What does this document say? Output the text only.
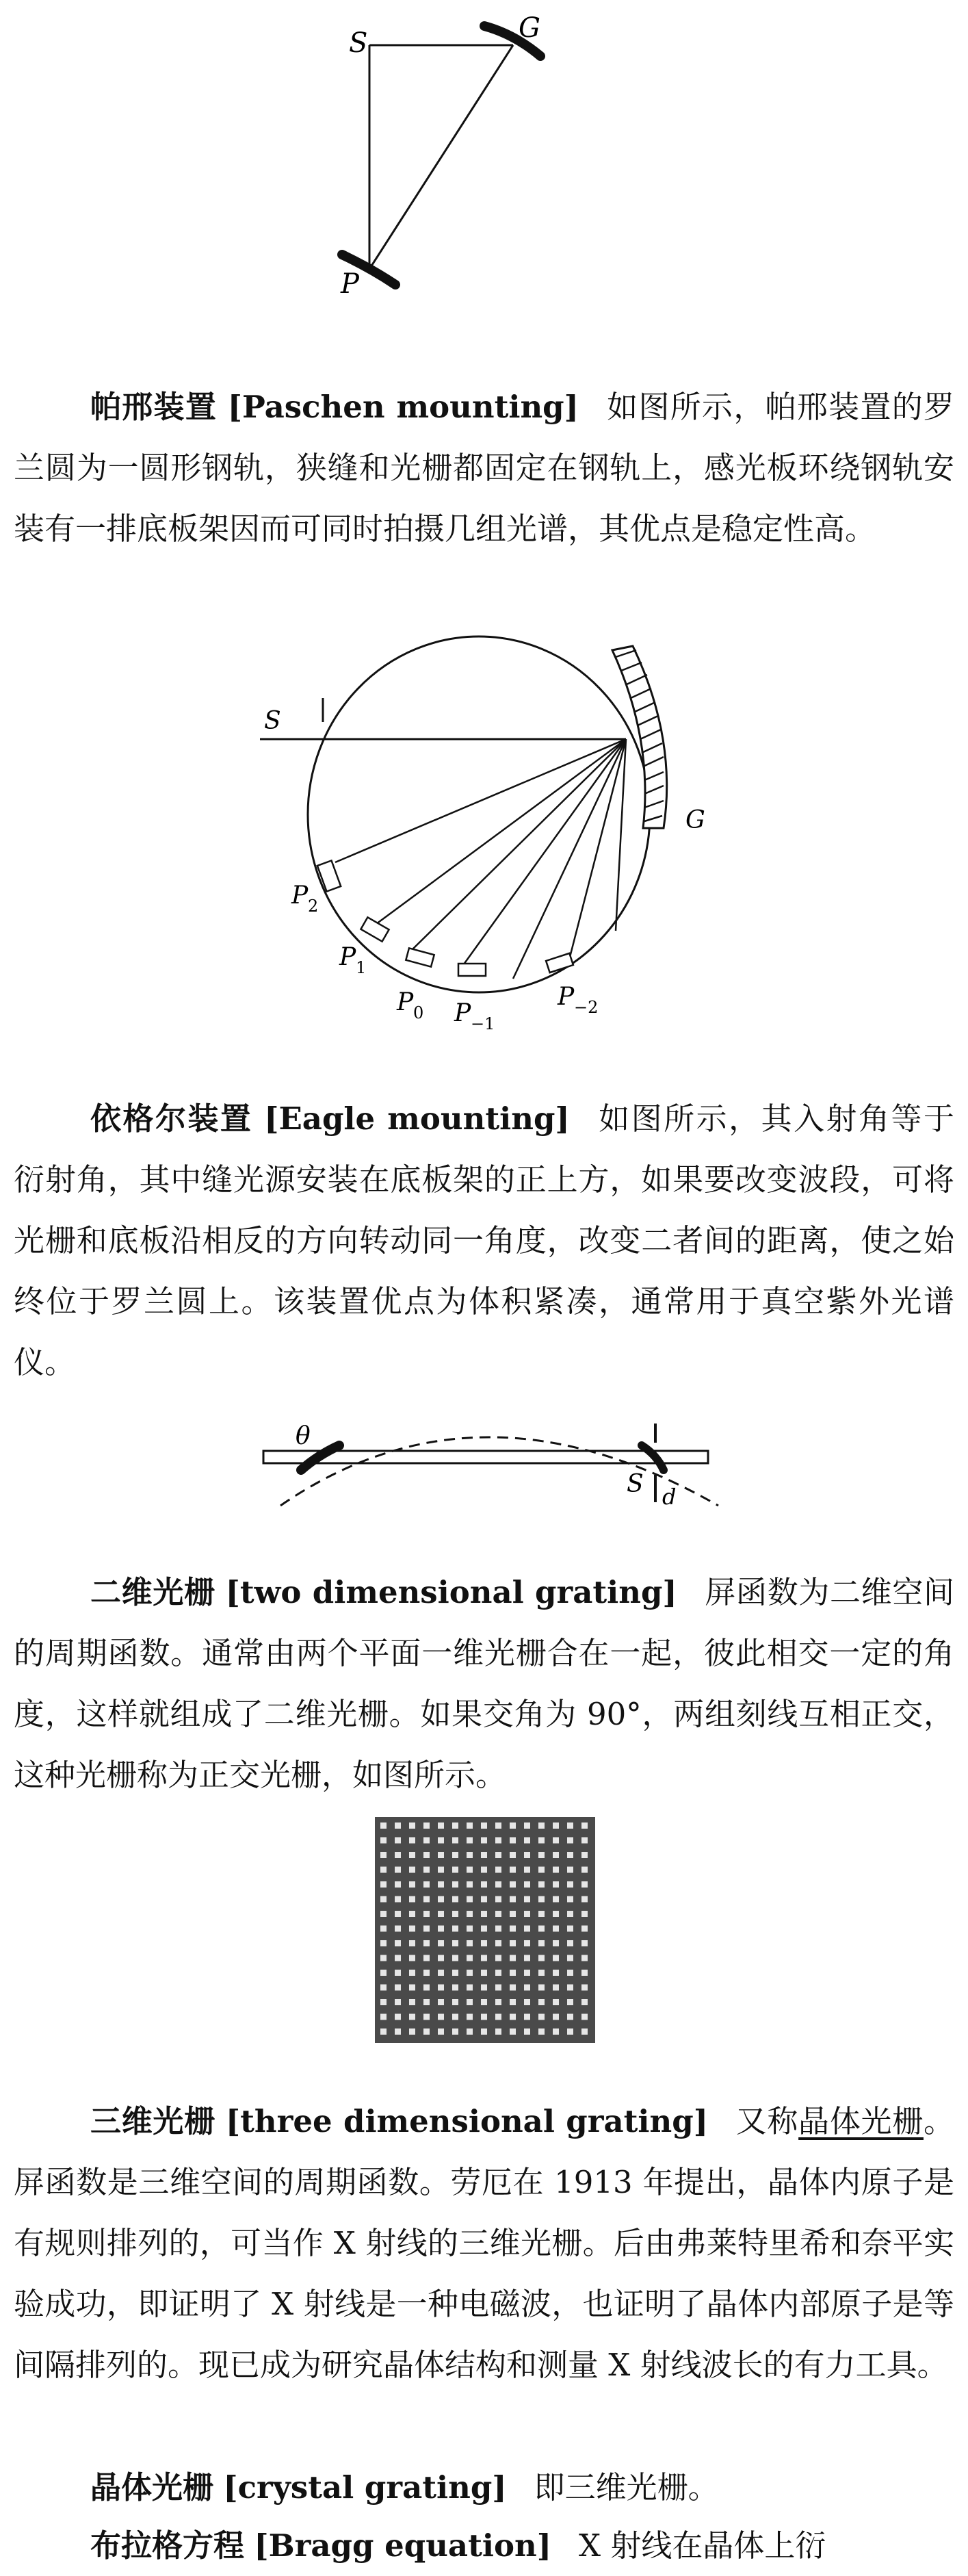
S	G
P

帕邢装置 [Paschen mounting] 如图所示，帕邢装置的罗兰圆为一圆形钢轨，狭缝和光栅都固定在钢轨上，感光板环绕钢轨安装有一排底板架因而可同时拍摄几组光谱，其优点是稳定性高。

S
G
P 2
P 1
P 0 P −1
P −2

依格尔装置 [Eagle mounting] 如图所示，其入射角等于衍射角，其中缝光源安装在底板架的正上方，如果要改变波段，可将光栅和底板沿相反的方向转动同一角度，改变二者间的距离，使之始终位于罗兰圆上。该装置优点为体积紧凑，通常用于真空紫外光谱仪。

θ
S d

二维光栅 [two dimensional grating] 屏函数为二维空间的周期函数。通常由两个平面一维光栅合在一起，彼此相交一定的角度，这样就组成了二维光栅。如果交角为 90°，两组刻线互相正交，这种光栅称为正交光栅，如图所示。

三维光栅 [three dimensional grating] 又称晶体光栅。屏函数是三维空间的周期函数。劳厄在 1913 年提出，晶体内原子是有规则排列的，可当作 X 射线的三维光栅。后由弗莱特里希和奈平实验成功，即证明了 X 射线是一种电磁波，也证明了晶体内部原子是等间隔排列的。现已成为研究晶体结构和测量 X 射线波长的有力工具。

晶体光栅 [crystal grating] 即三维光栅。

布拉格方程 [Bragg equation] X 射线在晶体上衍
